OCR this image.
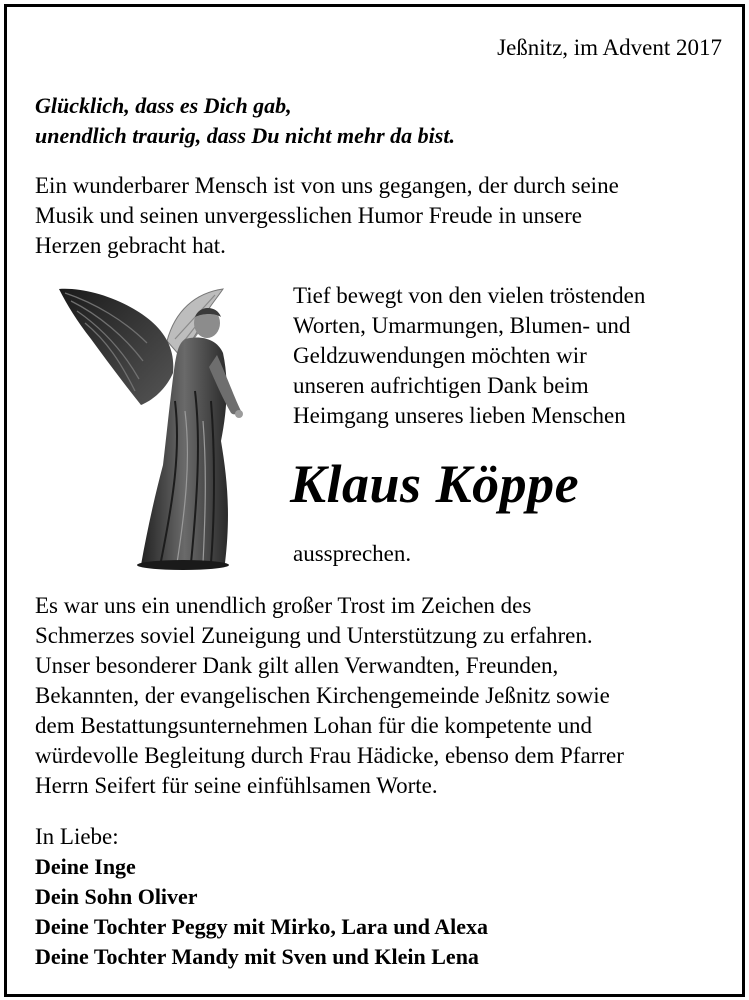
Jeßnitz, im Advent 2017
Glücklich, dass es Dich gab,
unendlich traurig, dass Du nicht mehr da bist.
Ein wunderbarer Mensch ist von uns gegangen, der durch seine
Musik und seinen unvergesslichen Humor Freude in unsere
Herzen gebracht hat.
Tief bewegt von den vielen tröstenden
Worten, Umarmungen, Blumen- und
Geldzuwendungen möchten wir
unseren aufrichtigen Dank beim
Heimgang unseres lieben Menschen
Klaus Köppe
aussprechen.
Es war uns ein unendlich großer Trost im Zeichen des
Schmerzes soviel Zuneigung und Unterstützung zu erfahren.
Unser besonderer Dank gilt allen Verwandten, Freunden,
Bekannten, der evangelischen Kirchengemeinde Jeßnitz sowie
dem Bestattungsunternehmen Lohan für die kompetente und
würdevolle Begleitung durch Frau Hädicke, ebenso dem Pfarrer
Herrn Seifert für seine einfühlsamen Worte.
In Liebe:
Deine Inge
Dein Sohn Oliver
Deine Tochter Peggy mit Mirko, Lara und Alexa
Deine Tochter Mandy mit Sven und Klein Lena
